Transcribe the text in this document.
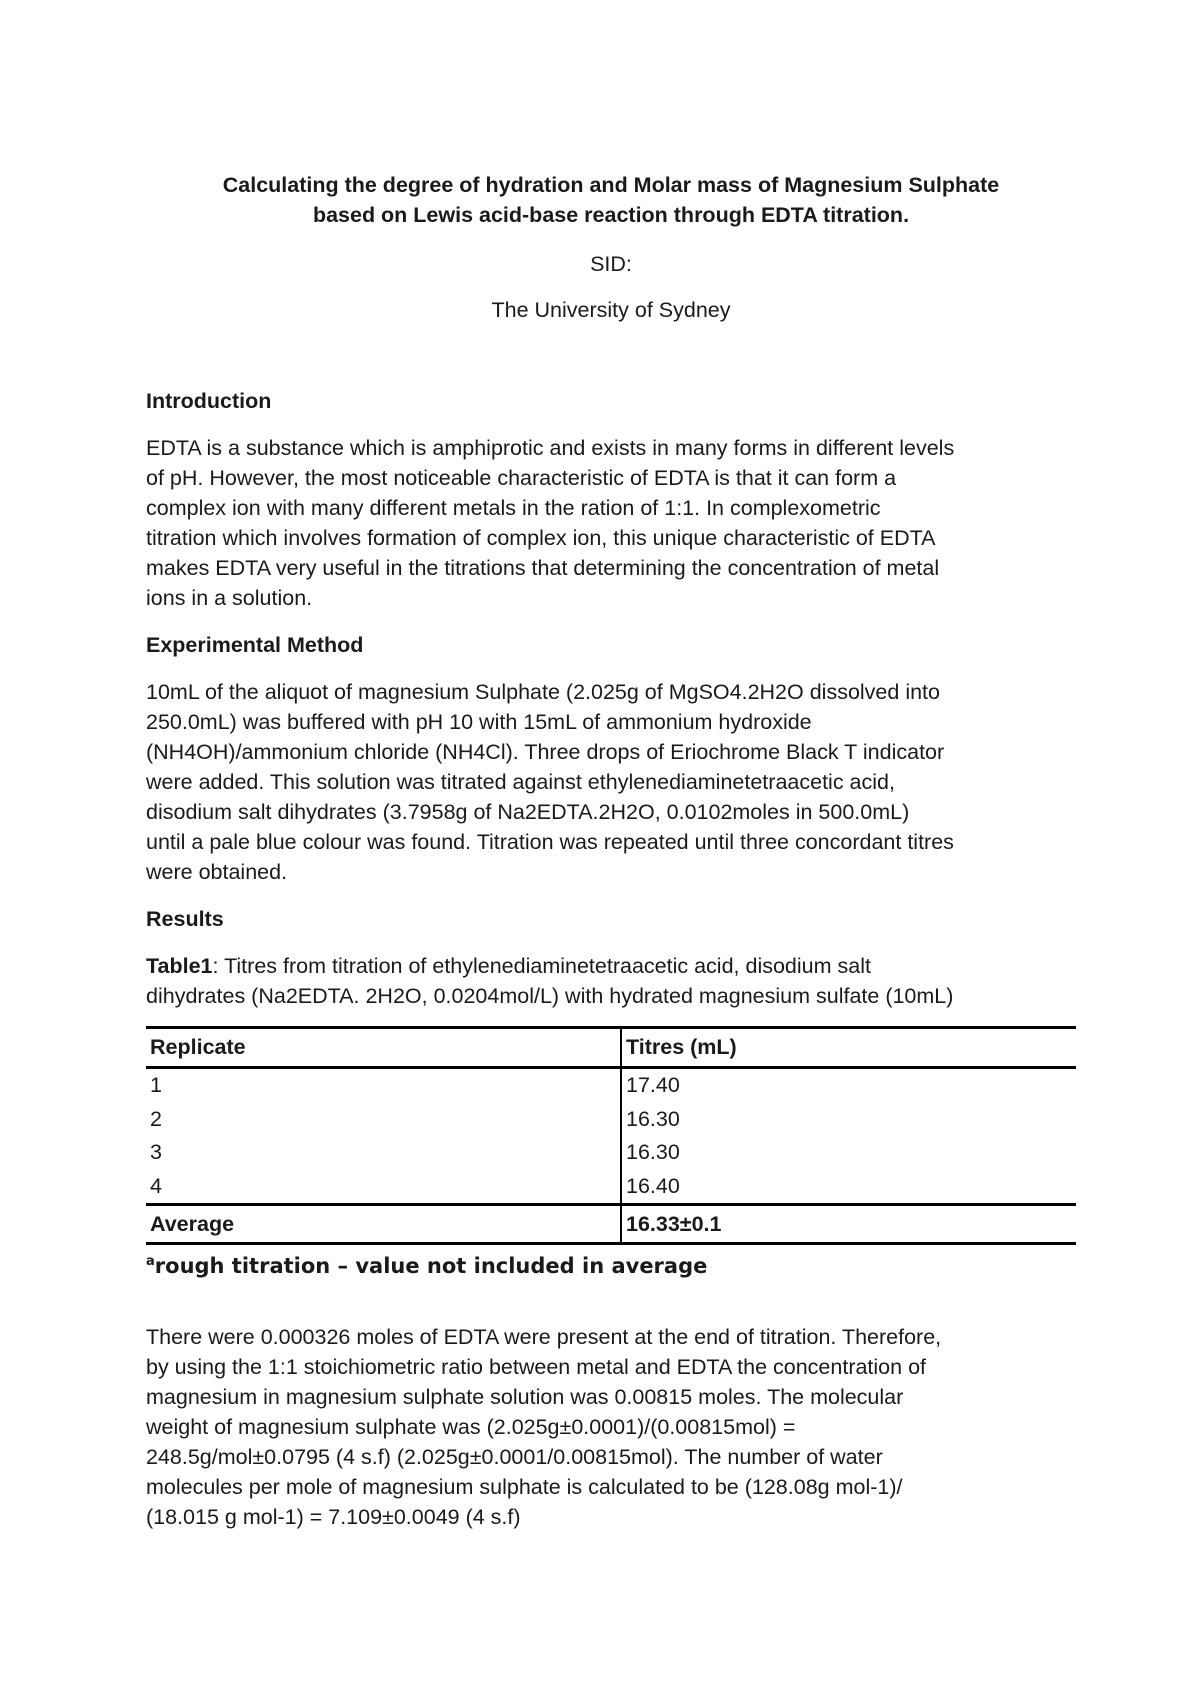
Calculating the degree of hydration and Molar mass of Magnesium Sulphate
based on Lewis acid-base reaction through EDTA titration.

SID:

The University of Sydney

Introduction

EDTA is a substance which is amphiprotic and exists in many forms in different levels
of pH. However, the most noticeable characteristic of EDTA is that it can form a
complex ion with many different metals in the ration of 1:1. In complexometric
titration which involves formation of complex ion, this unique characteristic of EDTA
makes EDTA very useful in the titrations that determining the concentration of metal
ions in a solution.

Experimental Method

10mL of the aliquot of magnesium Sulphate (2.025g of MgSO4.2H2O dissolved into
250.0mL) was buffered with pH 10 with 15mL of ammonium hydroxide
(NH4OH)/ammonium chloride (NH4Cl). Three drops of Eriochrome Black T indicator
were added. This solution was titrated against ethylenediaminetetraacetic acid,
disodium salt dihydrates (3.7958g of Na2EDTA.2H2O, 0.0102moles in 500.0mL)
until a pale blue colour was found. Titration was repeated until three concordant titres
were obtained.

Results

Table1: Titres from titration of ethylenediaminetetraacetic acid, disodium salt
dihydrates (Na2EDTA. 2H2O, 0.0204mol/L) with hydrated magnesium sulfate (10mL)

Replicate	Titres (mL)
1	17.40
2	16.30
3	16.30
4	16.40
Average	16.33±0.1

$^a$rough titration – value not included in average

There were 0.000326 moles of EDTA were present at the end of titration. Therefore,
by using the 1:1 stoichiometric ratio between metal and EDTA the concentration of
magnesium in magnesium sulphate solution was 0.00815 moles. The molecular
weight of magnesium sulphate was (2.025g±0.0001)/(0.00815mol) =
248.5g/mol±0.0795 (4 s.f) (2.025g±0.0001/0.00815mol). The number of water
molecules per mole of magnesium sulphate is calculated to be (128.08g mol-1)/
(18.015 g mol-1) = 7.109±0.0049 (4 s.f)
